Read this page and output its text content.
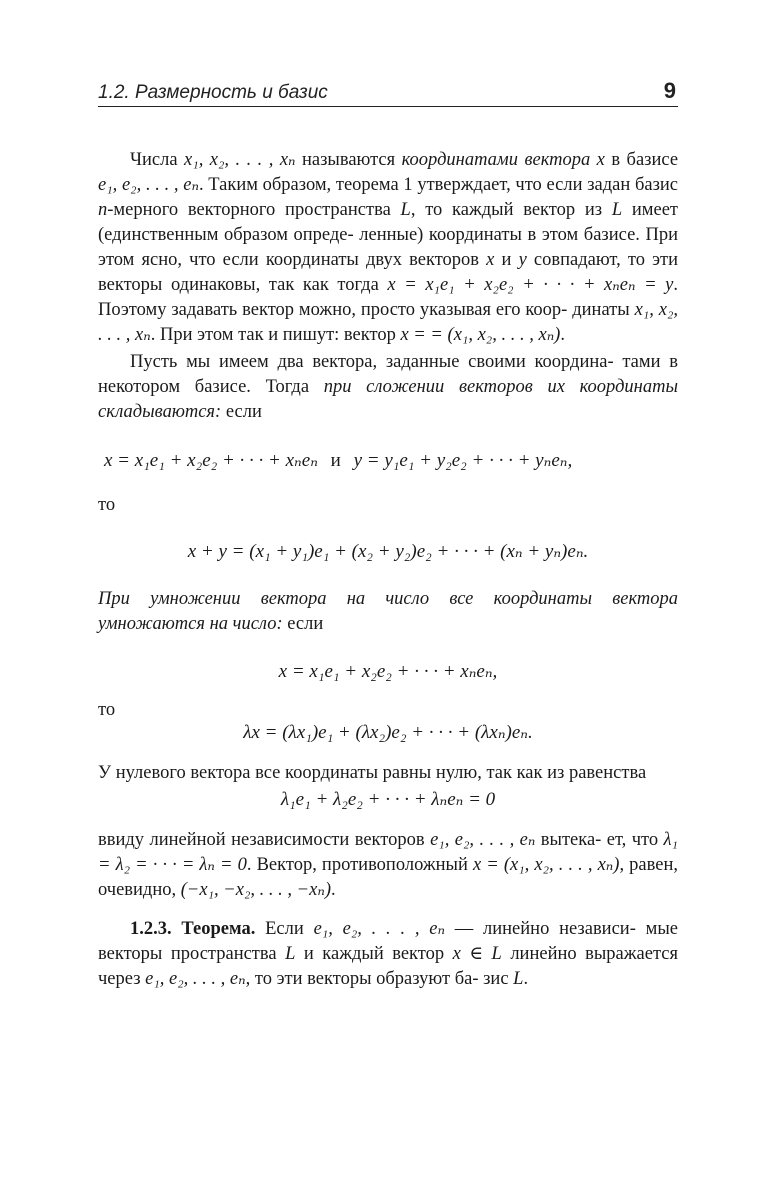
1.2. Размерность и базис	9

Числа x₁, x₂, . . . , xₙ называются координатами вектора x в базисе e₁, e₂, . . . , eₙ. Таким образом, теорема 1 утверждает, что если задан базис n-мерного векторного пространства L, то каждый вектор из L имеет (единственным образом опреде- ленные) координаты в этом базисе. При этом ясно, что если координаты двух векторов x и y совпадают, то эти векторы одинаковы, так как тогда x = x₁e₁ + x₂e₂ + · · · + xₙeₙ = y. Поэтому задавать вектор можно, просто указывая его коор- динаты x₁, x₂, . . . , xₙ. При этом так и пишут: вектор x = = (x₁, x₂, . . . , xₙ).

Пусть мы имеем два вектора, заданные своими координа- тами в некотором базисе. Тогда при сложении векторов их координаты складываются: если

x = x₁e₁ + x₂e₂ + · · · + xₙeₙ и y = y₁e₁ + y₂e₂ + · · · + yₙeₙ,
то
x + y = (x₁ + y₁)e₁ + (x₂ + y₂)e₂ + · · · + (xₙ + yₙ)eₙ.

При умножении вектора на число все координаты вектора умножаются на число: если

x = x₁e₁ + x₂e₂ + · · · + xₙeₙ,
то
λx = (λx₁)e₁ + (λx₂)e₂ + · · · + (λxₙ)eₙ.

У нулевого вектора все координаты равны нулю, так как из равенства

λ₁e₁ + λ₂e₂ + · · · + λₙeₙ = 0

ввиду линейной независимости векторов e₁, e₂, . . . , eₙ вытека- ет, что λ₁ = λ₂ = · · · = λₙ = 0. Вектор, противоположный x = (x₁, x₂, . . . , xₙ), равен, очевидно, (−x₁, −x₂, . . . , −xₙ).

1.2.3. Теорема. Если e₁, e₂, . . . , eₙ — линейно независи- мые векторы пространства L и каждый вектор x ∈ L линейно выражается через e₁, e₂, . . . , eₙ, то эти векторы образуют ба- зис L.
